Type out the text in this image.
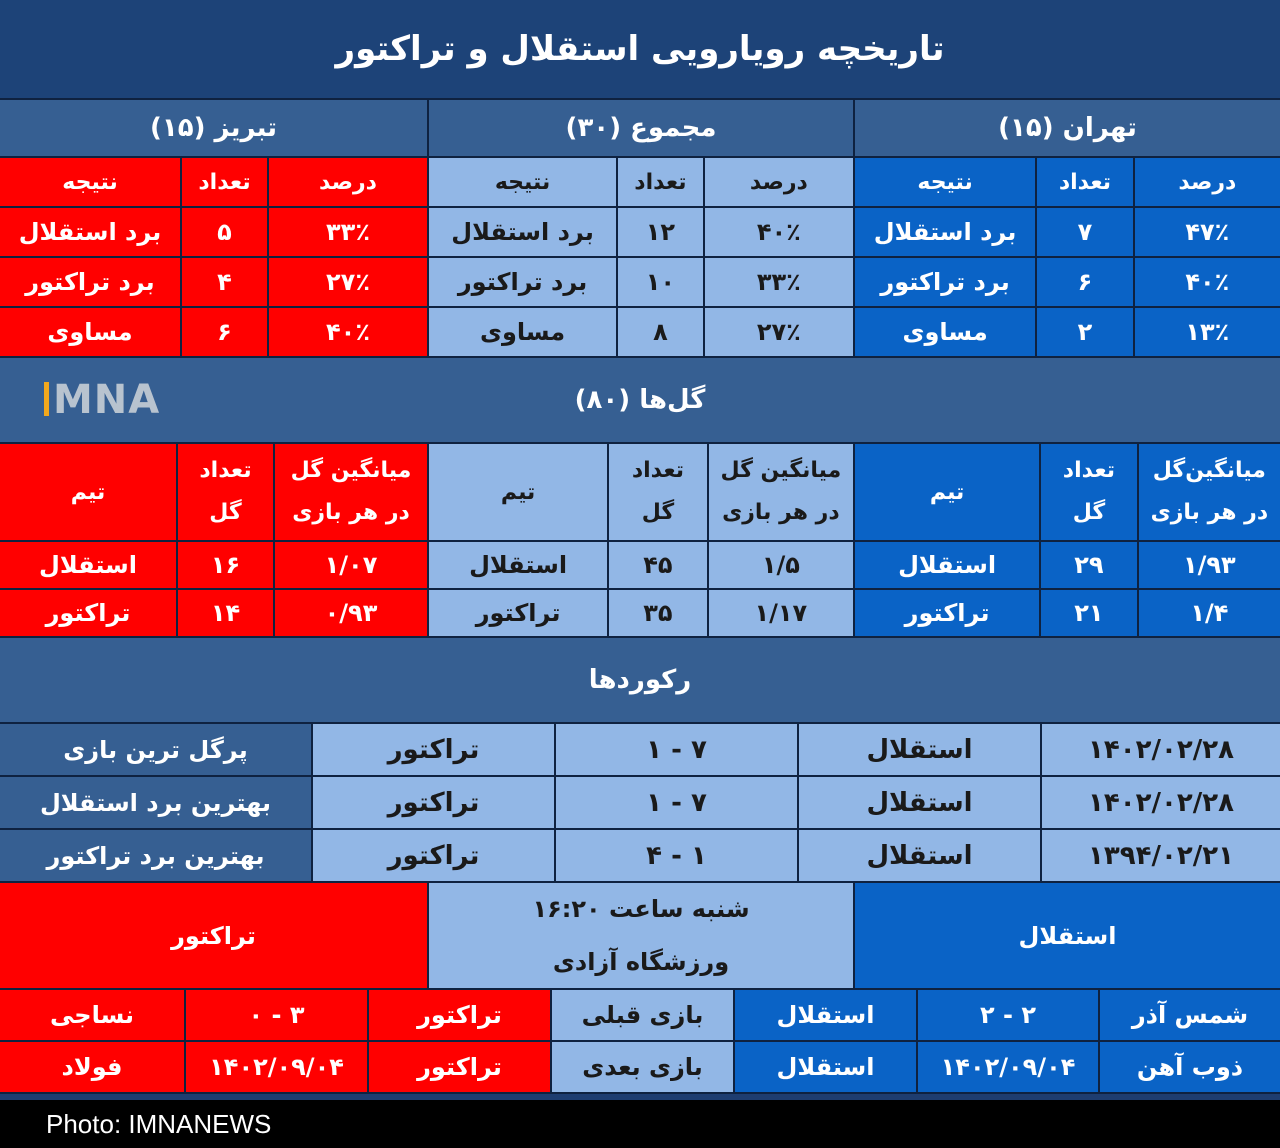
تاریخچه رویارویی استقلال و تراکتور
تهران (۱۵)
مجموع (۳۰)
تبریز (۱۵)
درصد
تعداد
نتیجه
درصد
تعداد
نتیجه
درصد
تعداد
نتیجه
۴۷٪
۷
برد استقلال
۴۰٪
۱۲
برد استقلال
۳۳٪
۵
برد استقلال
۴۰٪
۶
برد تراکتور
۳۳٪
۱۰
برد تراکتور
۲۷٪
۴
برد تراکتور
۱۳٪
۲
مساوی
۲۷٪
۸
مساوی
۴۰٪
۶
مساوی
گل‌ها (۸۰)
MNA
میانگین‌گل
در هر بازی
تعداد
گل
تیم
میانگین گل
در هر بازی
تعداد
گل
تیم
میانگین گل
در هر بازی
تعداد
گل
تیم
۱/۹۳
۲۹
استقلال
۱/۵
۴۵
استقلال
۱/۰۷
۱۶
استقلال
۱/۴
۲۱
تراکتور
۱/۱۷
۳۵
تراکتور
۰/۹۳
۱۴
تراکتور
رکوردها
۱۴۰۲/۰۲/۲۸
استقلال
۷ - ۱
تراکتور
پرگل ترین بازی
۱۴۰۲/۰۲/۲۸
استقلال
۷ - ۱
تراکتور
بهترین برد استقلال
۱۳۹۴/۰۲/۲۱
استقلال
۱ - ۴
تراکتور
بهترین برد تراکتور
استقلال
شنبه ساعت ۱۶:۲۰
ورزشگاه آزادی
تراکتور
شمس آذر
۲ - ۲
استقلال
بازی قبلی
تراکتور
۳ - ۰
نساجی
ذوب آهن
۱۴۰۲/۰۹/۰۴
استقلال
بازی بعدی
تراکتور
۱۴۰۲/۰۹/۰۴
فولاد
Photo: IMNANEWS
